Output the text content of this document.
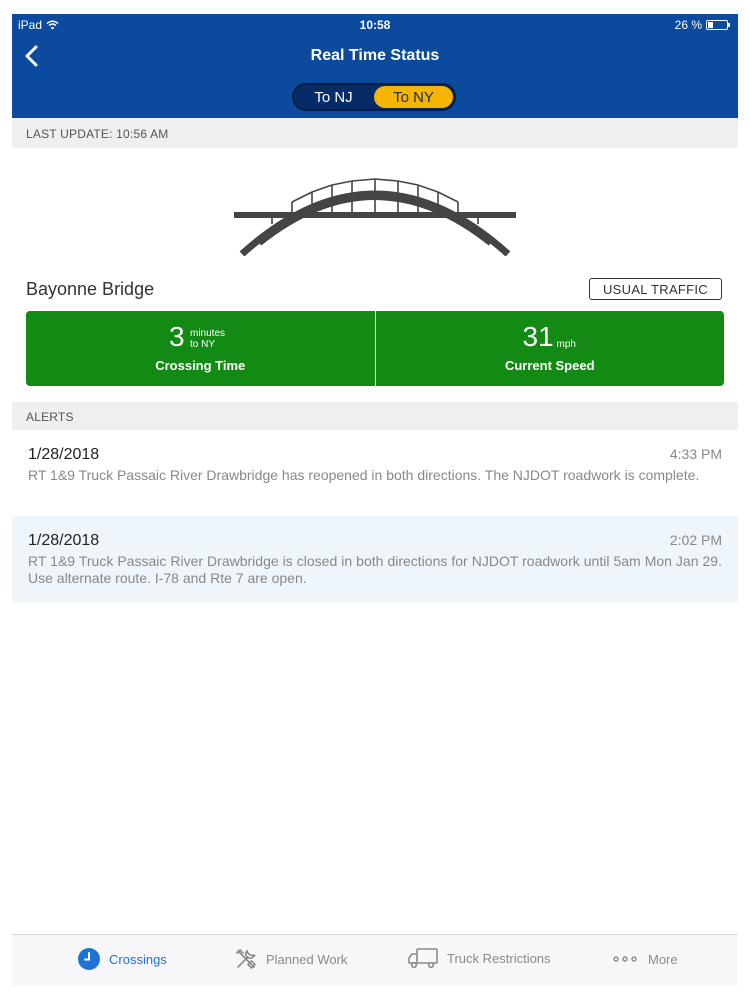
iPad	10:58	26 %
Real Time Status
To NJ	To NY
LAST UPDATE: 10:56 AM
Bayonne Bridge	USUAL TRAFFIC
3 minutes
to NY
Crossing Time
31 mph
Current Speed
ALERTS
1/28/2018	4:33 PM
RT 1&9 Truck Passaic River Drawbridge has reopened in both directions. The NJDOT roadwork is complete.
1/28/2018	2:02 PM
RT 1&9 Truck Passaic River Drawbridge is closed in both directions for NJDOT roadwork until 5am Mon Jan 29. Use alternate route. I-78 and Rte 7 are open.
Crossings	Planned Work	Truck Restrictions	More
